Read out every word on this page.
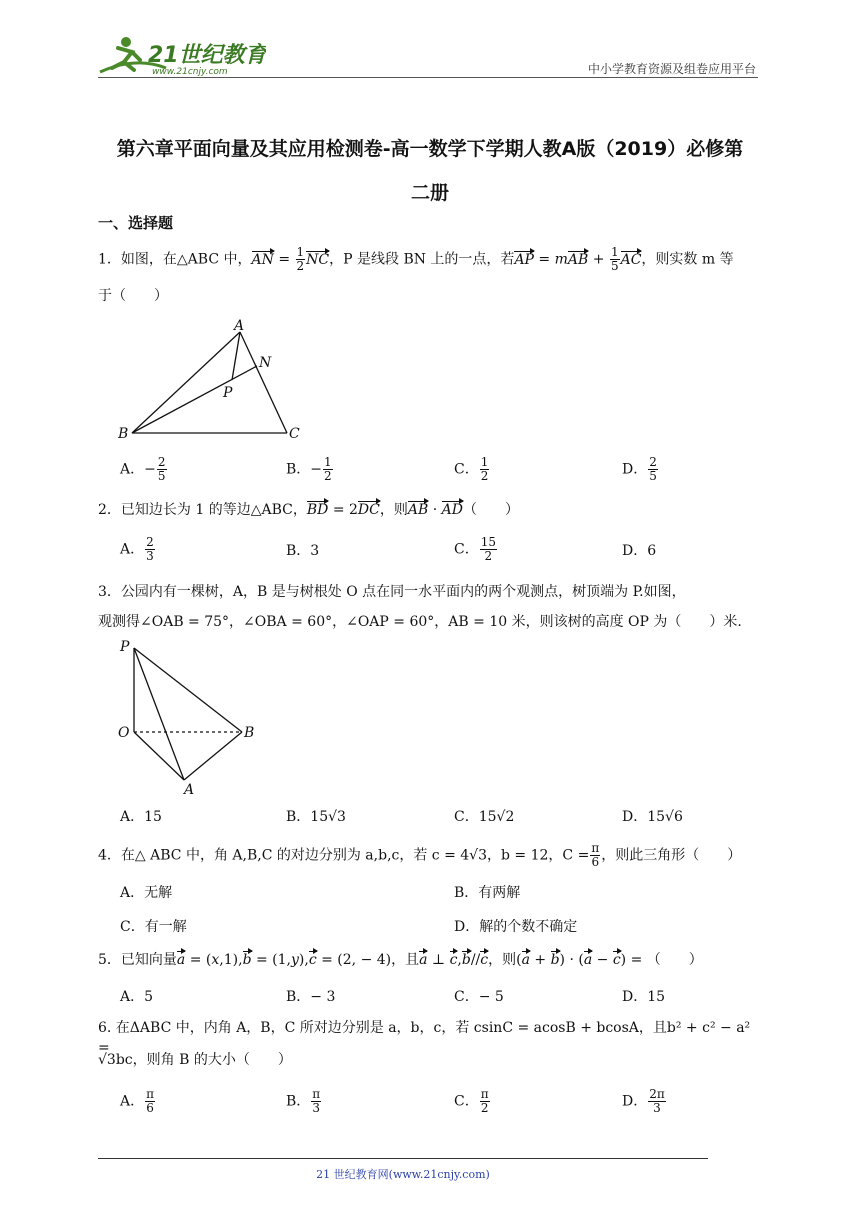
21世纪教育
www.21cnjy.com	中小学教育资源及组卷应用平台
第六章平面向量及其应用检测卷-高一数学下学期人教A版（2019）必修第
二册
一、选择题
1．如图，在△ABC 中，AN = $\frac{1}{2}$ NC，P 是线段 BN 上的一点，若AP = mAB + $\frac{1}{5}$ AC，则实数 m 等
于（　　）
A
B	C
N
P
A．− $\frac{2}{5}$	B．− $\frac{1}{2}$	C． $\frac{1}{2}$	D． $\frac{2}{5}$
2．已知边长为 1 的等边△ABC，BD = 2DC，则AB · AD（　　）
A． $\frac{2}{3}$	B．3	C． $\frac{15}{2}$	D．6
3．公园内有一棵树，A，B 是与树根处 O 点在同一水平面内的两个观测点，树顶端为 P.如图，
观测得∠OAB = 75°，∠OBA = 60°，∠OAP = 60°，AB = 10 米，则该树的高度 OP 为（　　）米.
P
O	B
A
A．15	B．15√3	C．15√2	D．15√6
4．在△ ABC 中，角 A,B,C 的对边分别为 a,b,c，若 c = 4√3，b = 12，$C = \frac{\pi}{6}$ ，则此三角形（　　）
A．无解	B．有两解
C．有一解	D．解的个数不确定
5．已知向量a = (x,1),b = (1,y),c = (2, − 4)，且a ⊥ c,b//c，则(a + b) · (a − c) = （　　）
A．5	B．− 3	C．− 5	D．15
6. 在ΔABC 中，内角 A，B，C 所对边分别是 a，b，c，若 csinC = acosB + bcosA，且b² + c² − a² =
√3bc，则角 B 的大小（　　）
A． $\frac{\pi}{6}$	B． $\frac{\pi}{3}$	C． $\frac{\pi}{2}$	D． $\frac{2\pi}{3}$
21 世纪教育网(www.21cnjy.com)
